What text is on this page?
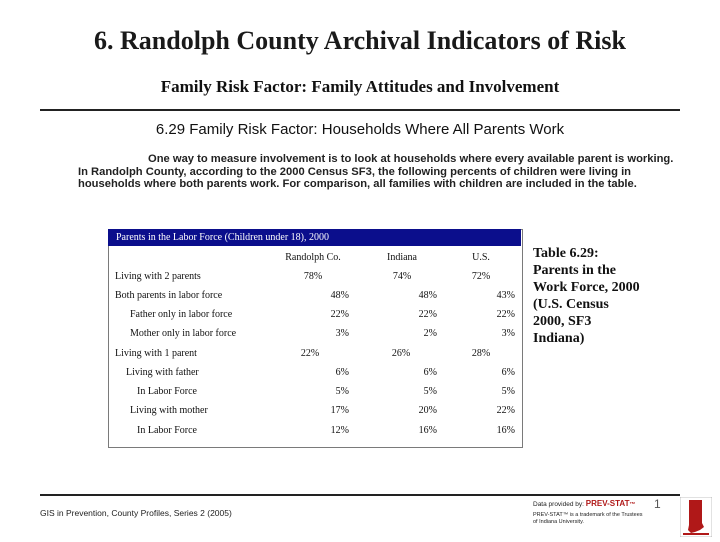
6. Randolph County Archival Indicators of Risk
Family Risk Factor: Family Attitudes and Involvement
6.29 Family Risk Factor: Households Where All Parents Work
One way to measure involvement is to look at households where every available parent is working. In Randolph County, according to the 2000 Census SF3, the following percents of children were living in households where both parents work. For comparison, all families with children are included in the table.
Parents in the Labor Force (Children under 18), 2000
Randolph Co.	Indiana	U.S.
Living with 2 parents	78%	74%	72%
Both parents in labor force	48%	48%	43%
Father only in labor force	22%	22%	22%
Mother only in labor force	3%	2%	3%
Living with 1 parent	22%	26%	28%
Living with father	6%	6%	6%
In Labor Force	5%	5%	5%
Living with mother	17%	20%	22%
In Labor Force	12%	16%	16%
Table 6.29: Parents in the Work Force, 2000 (U.S. Census 2000, SF3 Indiana)
GIS in Prevention, County Profiles, Series 2 (2005)
Data provided by: PREV-STAT™
PREV-STAT™ is a trademark of the Trustees of Indiana University.
1
